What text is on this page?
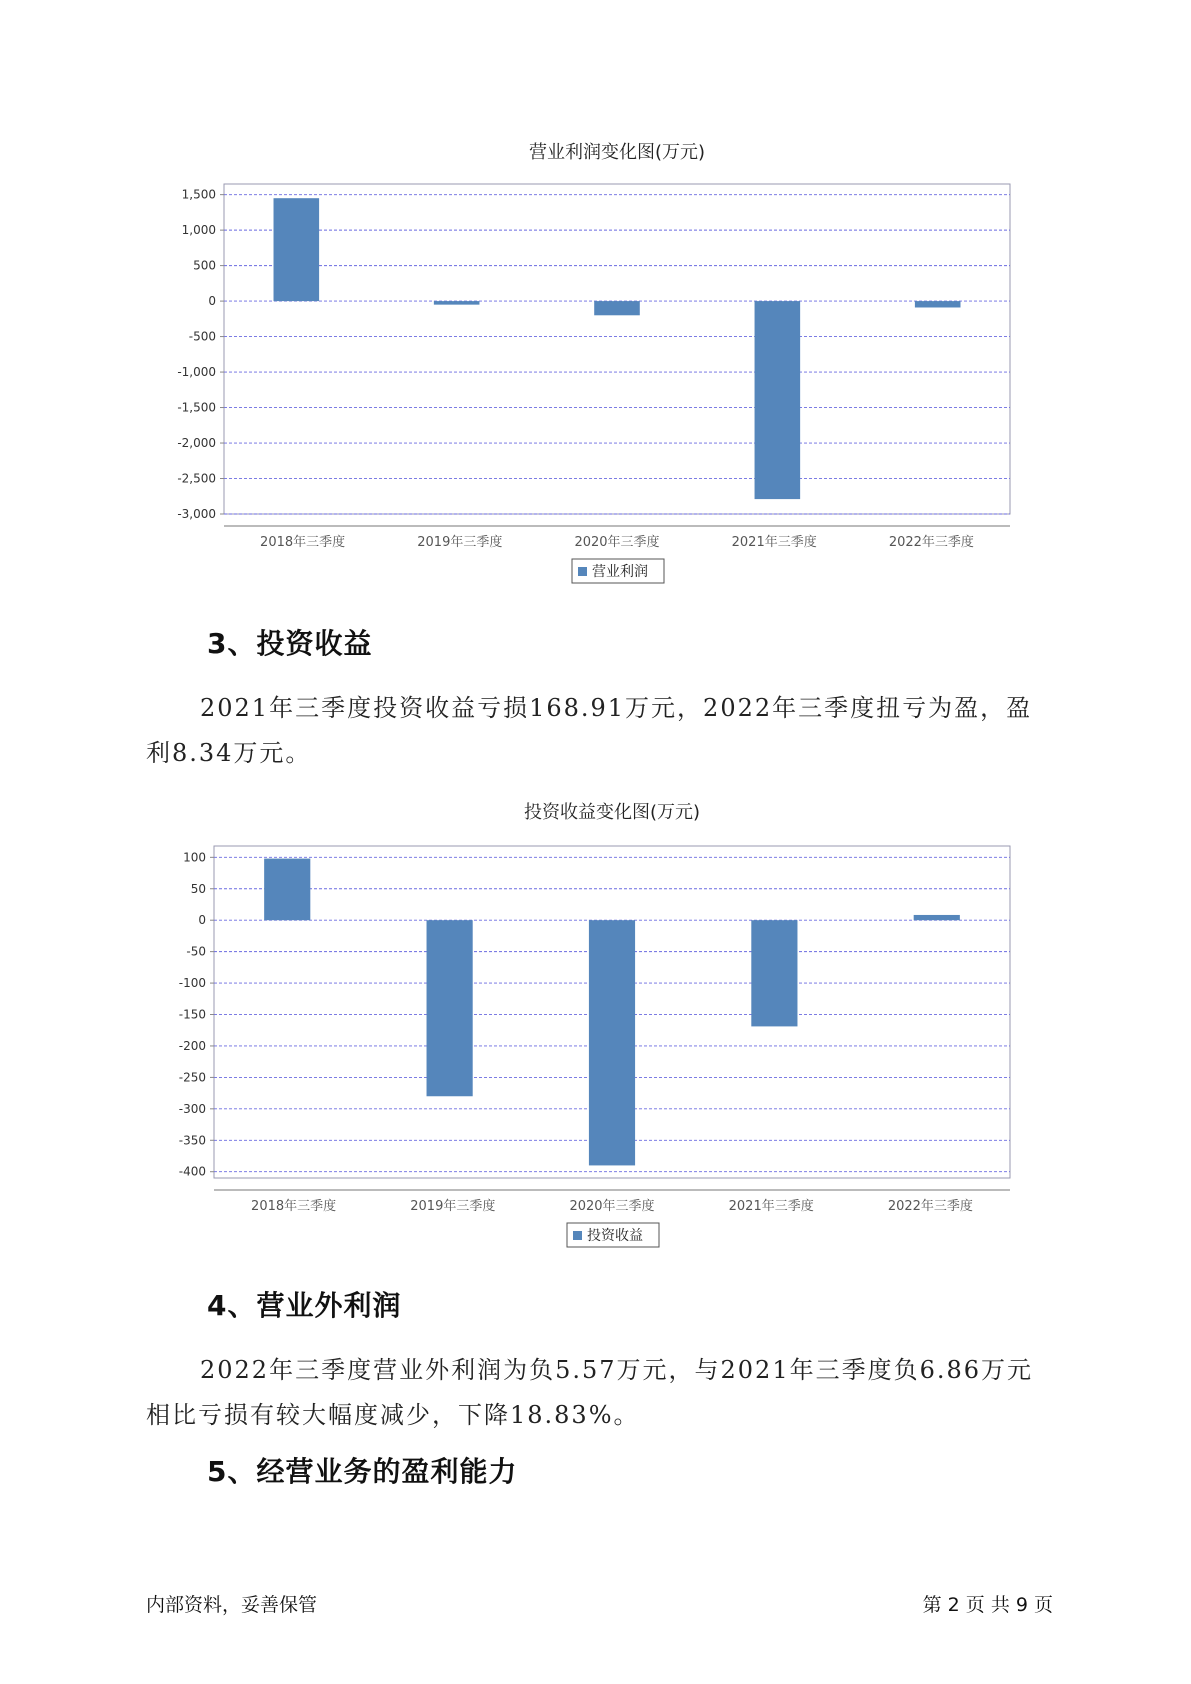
营业利润变化图(万元)
1,500
1,000
500
0
-500
-1,000
-1,500
-2,000
-2,500
-3,000
2018年三季度	2019年三季度	2020年三季度	2021年三季度	2022年三季度
营业利润
3、投资收益
2021年三季度投资收益亏损168.91万元，2022年三季度扭亏为盈，盈利8.34万元。
投资收益变化图(万元)
100
50
0
-50
-100
-150
-200
-250
-300
-350
-400
2018年三季度	2019年三季度	2020年三季度	2021年三季度	2022年三季度
投资收益
4、营业外利润
2022年三季度营业外利润为负5.57万元，与2021年三季度负6.86万元相比亏损有较大幅度减少，下降18.83%。
5、经营业务的盈利能力
内部资料，妥善保管	第 2 页 共 9 页
